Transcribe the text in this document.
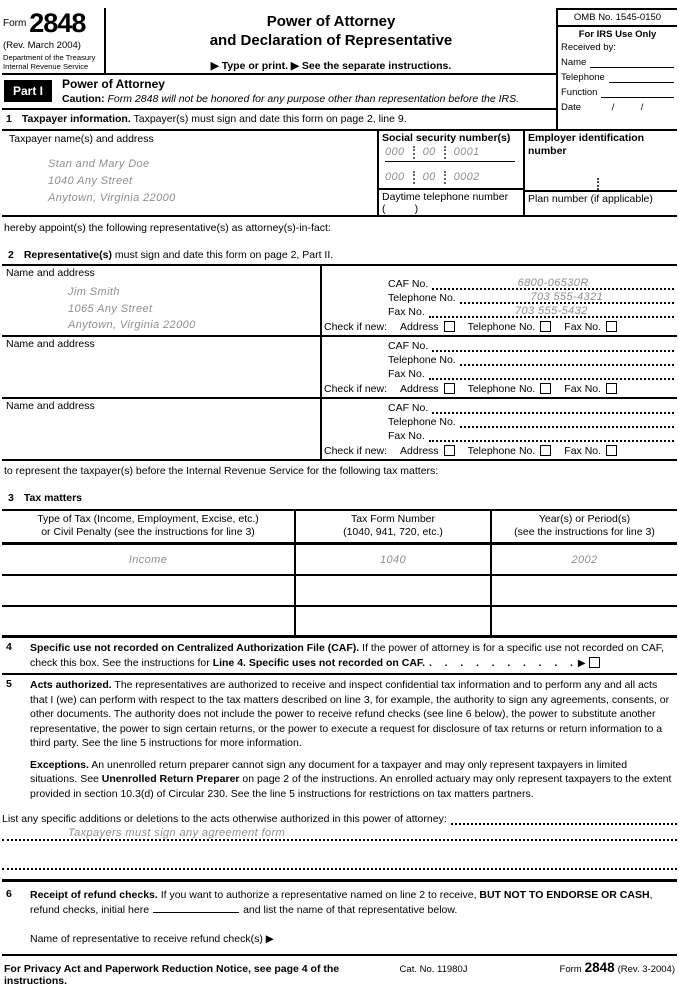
Form 2848
(Rev. March 2004)
Department of the Treasury
Internal Revenue Service
Power of Attorney
and Declaration of Representative
▶ Type or print. ▶ See the separate instructions.
Part I	Power of Attorney
Caution: Form 2848 will not be honored for any purpose other than representation before the IRS.
1 Taxpayer information. Taxpayer(s) must sign and date this form on page 2, line 9.
OMB No. 1545-0150
For IRS Use Only
Received by:
Name
Telephone
Function
Date	/          /
Taxpayer name(s) and address
Stan and Mary Doe
1040 Any Street
Anytown, Virginia 22000
Social security number(s)
000 00 0001
000 00 0002
Daytime telephone number
(          )
Employer identification number
Plan number (if applicable)
hereby appoint(s) the following representative(s) as attorney(s)-in-fact:
2 Representative(s) must sign and date this form on page 2, Part II.
Name and address
Jim Smith
1065 Any Street
Anytown, Virginia 22000
CAF No.	6800-06530R
Telephone No.	703 555-4321
Fax No.	703 555-5432
Check if new: Address	Telephone No.	Fax No.
Name and address	CAF No.
Telephone No.
Fax No.
Check if new: Address	Telephone No.	Fax No.
Name and address	CAF No.
Telephone No.
Fax No.
Check if new: Address	Telephone No.	Fax No.
to represent the taxpayer(s) before the Internal Revenue Service for the following tax matters:
3 Tax matters
Type of Tax (Income, Employment, Excise, etc.)
or Civil Penalty (see the instructions for line 3)
Tax Form Number
(1040, 941, 720, etc.)
Year(s) or Period(s)
(see the instructions for line 3)
Income	1040	2002
4	Specific use not recorded on Centralized Authorization File (CAF). If the power of attorney is for a specific use not recorded on CAF, check this box. See the instructions for Line 4. Specific uses not recorded on CAF. .   .   .   .   .   .   .   .   .   . ▶
5	Acts authorized. The representatives are authorized to receive and inspect confidential tax information and to perform any and all acts that I (we) can perform with respect to the tax matters described on line 3, for example, the authority to sign any agreements, consents, or other documents. The authority does not include the power to receive refund checks (see line 6 below), the power to substitute another representative, the power to sign certain returns, or the power to execute a request for disclosure of tax returns or return information to a third party. See the line 5 instructions for more information.
Exceptions. An unenrolled return preparer cannot sign any document for a taxpayer and may only represent taxpayers in limited situations. See Unenrolled Return Preparer on page 2 of the instructions. An enrolled actuary may only represent taxpayers to the extent provided in section 10.3(d) of Circular 230. See the line 5 instructions for restrictions on tax matters partners.
List any specific additions or deletions to the acts otherwise authorized in this power of attorney:
Taxpayers must sign any agreement form
6	Receipt of refund checks. If you want to authorize a representative named on line 2 to receive, BUT NOT TO ENDORSE OR CASH, refund checks, initial here	and list the name of that representative below.
Name of representative to receive refund check(s) ▶
For Privacy Act and Paperwork Reduction Notice, see page 4 of the instructions.
Cat. No. 11980J	Form 2848 (Rev. 3-2004)
